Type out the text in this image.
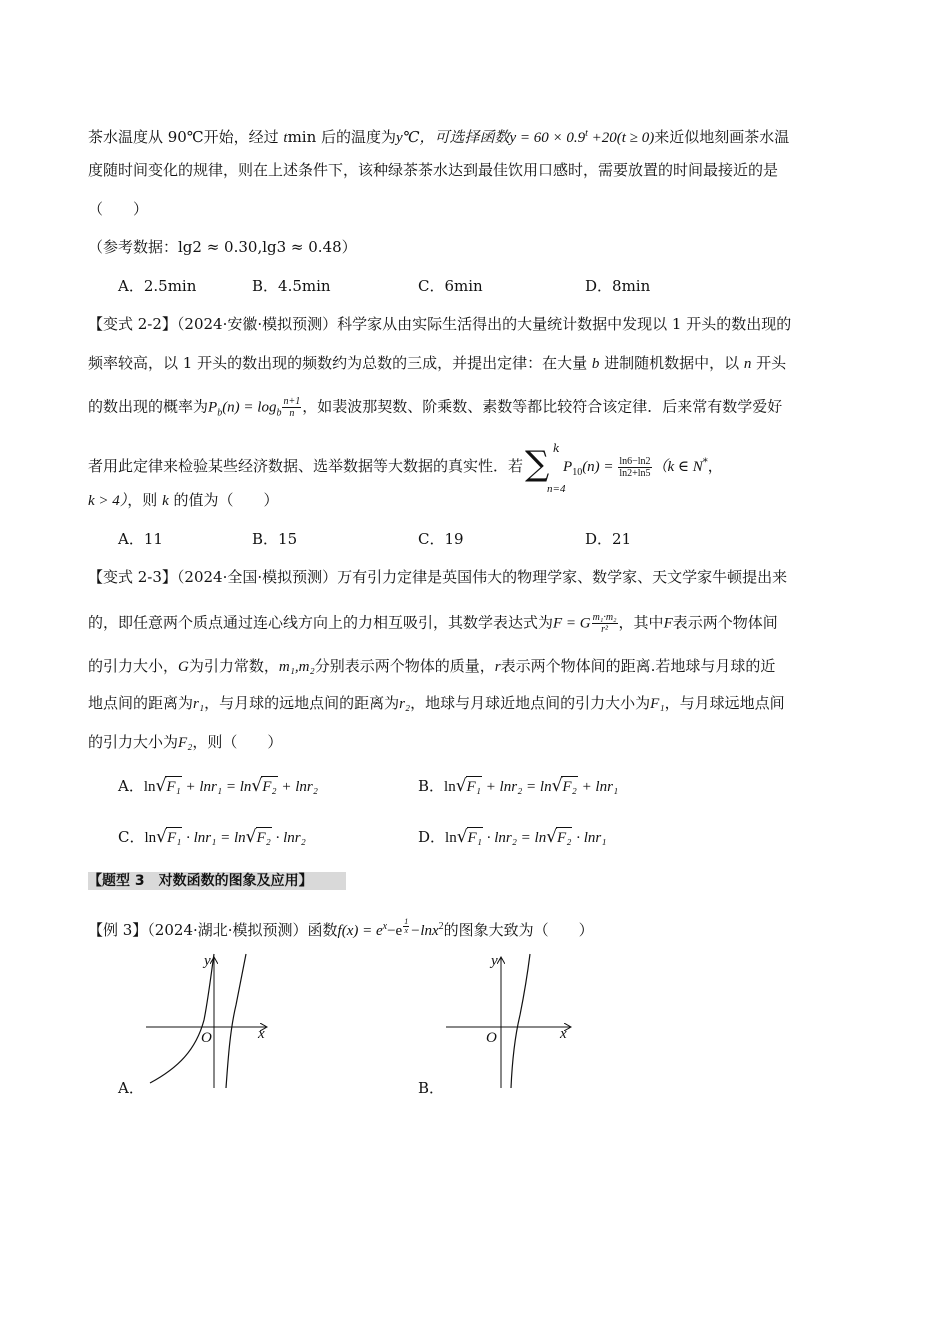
茶水温度从 90℃开始，经过 tmin 后的温度为y℃，可选择函数$y = 60 \times 0.9^t +20(t \ge 0)$来近似地刻画茶水温
度随时间变化的规律，则在上述条件下，该种绿茶茶水达到最佳饮用口感时，需要放置的时间最接近的是
（　　）
（参考数据：lg2 ≈ 0.30,lg3 ≈ 0.48）
A．2.5min	B．4.5min	C．6min	D．8min
【变式 2-2】（2024·安徽·模拟预测）科学家从由实际生活得出的大量统计数据中发现以 1 开头的数出现的
频率较高，以 1 开头的数出现的频数约为总数的三成，并提出定律：在大量 b 进制随机数据中，以 n 开头
的数出现的概率为$P_b(n) = \log_b \frac{n+1}{n}$ ，如裴波那契数、阶乘数、素数等都比较符合该定律．后来常有数学爱好
者用此定律来检验某些经济数据、选举数据等大数据的真实性．若 ∑ k
n=4
$P_{10}(n) = \frac{\ln 6-\ln 2}{\ln 2+\ln 5} (k$ ∈ N*，
k > 4），则 k 的值为（　　）
A．11	B．15	C．19	D．21
【变式 2-3】（2024·全国·模拟预测）万有引力定律是英国伟大的物理学家、数学家、天文学家牛顿提出来
的，即任意两个质点通过连心线方向上的力相互吸引，其数学表达式为F = G $\frac{\text{m₁·m₂}}{\text{r²}}$ ，其中F表示两个物体间
的引力大小，G为引力常数，m₁,m₂分别表示两个物体的质量，r表示两个物体间的距离.若地球与月球的近
地点间的距离为r₁，与月球的远地点间的距离为r₂，地球与月球近地点间的引力大小为F₁，与月球远地点间
的引力大小为F₂，则（　　）
A．ln√F₁ + lnr₁ = ln√F₂ + lnr₂	B．ln√F₁ + lnr₂ = ln√F₂ + lnr₁
C．ln√F₁ · lnr₁ = ln√F₂ · lnr₂	D．ln√F₁ · lnr₂ = ln√F₂ · lnr₁
【题型 3　对数函数的图象及应用】
【例 3】（2024·湖北·模拟预测）函数$f(x) = e^x-e$ $^{\frac{1}{x}}$ −lnx$^2$的图象大致为（　　）
x
y
O
A．
x
y
O
B．
